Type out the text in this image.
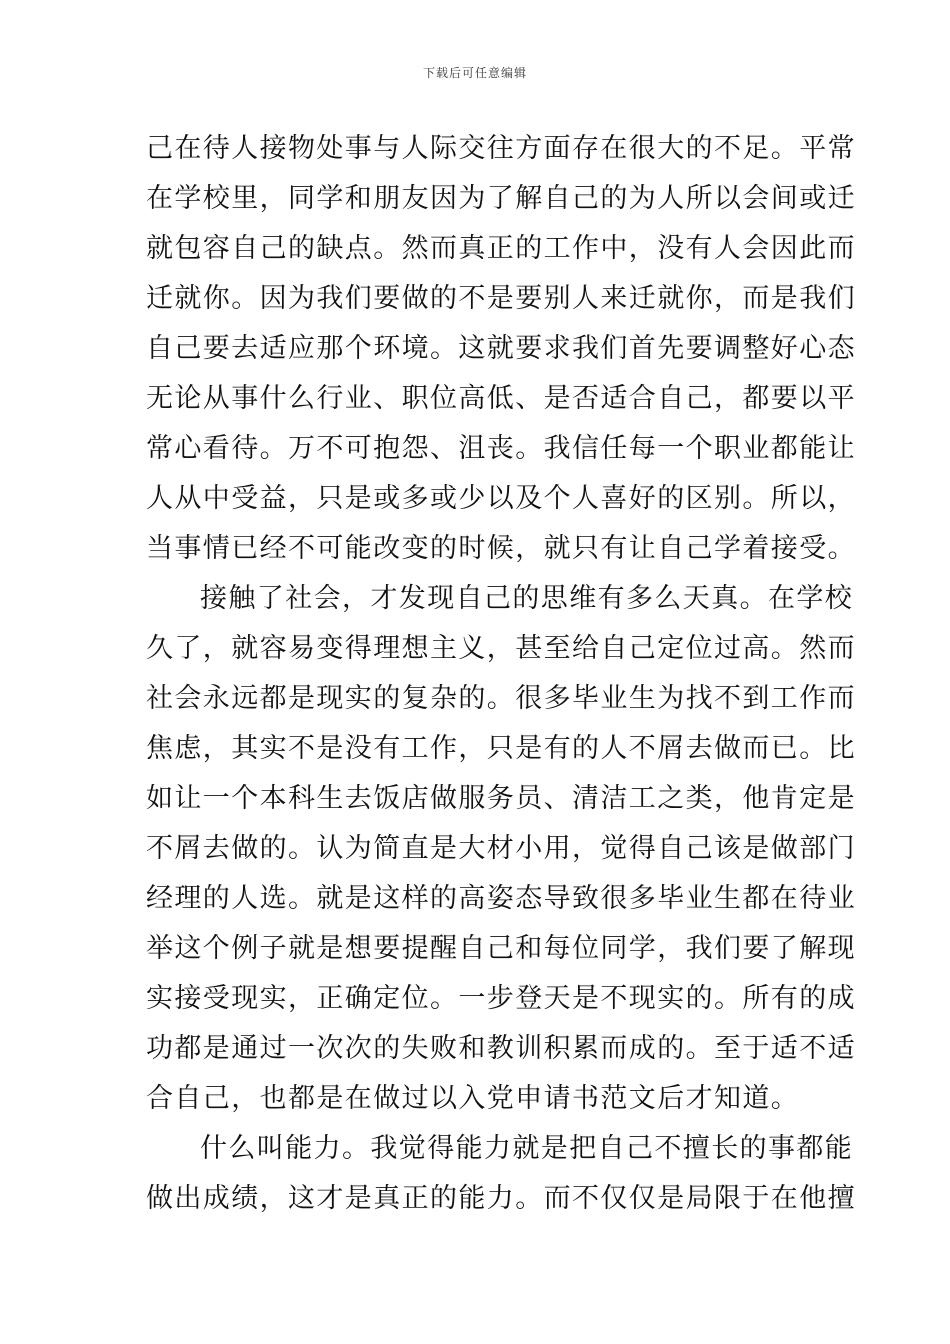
下载后可任意编辑
己在待人接物处事与人际交往方面存在很大的不足。平常
在学校里，同学和朋友因为了解自己的为人所以会间或迁
就包容自己的缺点。然而真正的工作中，没有人会因此而
迁就你。因为我们要做的不是要别人来迁就你，而是我们
自己要去适应那个环境。这就要求我们首先要调整好心态
无论从事什么行业、职位高低、是否适合自己，都要以平
常心看待。万不可抱怨、沮丧。我信任每一个职业都能让
人从中受益，只是或多或少以及个人喜好的区别。所以，
当事情已经不可能改变的时候，就只有让自己学着接受。
接触了社会，才发现自己的思维有多么天真。在学校
久了，就容易变得理想主义，甚至给自己定位过高。然而
社会永远都是现实的复杂的。很多毕业生为找不到工作而
焦虑，其实不是没有工作，只是有的人不屑去做而已。比
如让一个本科生去饭店做服务员、清洁工之类，他肯定是
不屑去做的。认为简直是大材小用，觉得自己该是做部门
经理的人选。就是这样的高姿态导致很多毕业生都在待业
举这个例子就是想要提醒自己和每位同学，我们要了解现
实接受现实，正确定位。一步登天是不现实的。所有的成
功都是通过一次次的失败和教训积累而成的。至于适不适
合自己，也都是在做过以入党申请书范文后才知道。
什么叫能力。我觉得能力就是把自己不擅长的事都能
做出成绩，这才是真正的能力。而不仅仅是局限于在他擅
